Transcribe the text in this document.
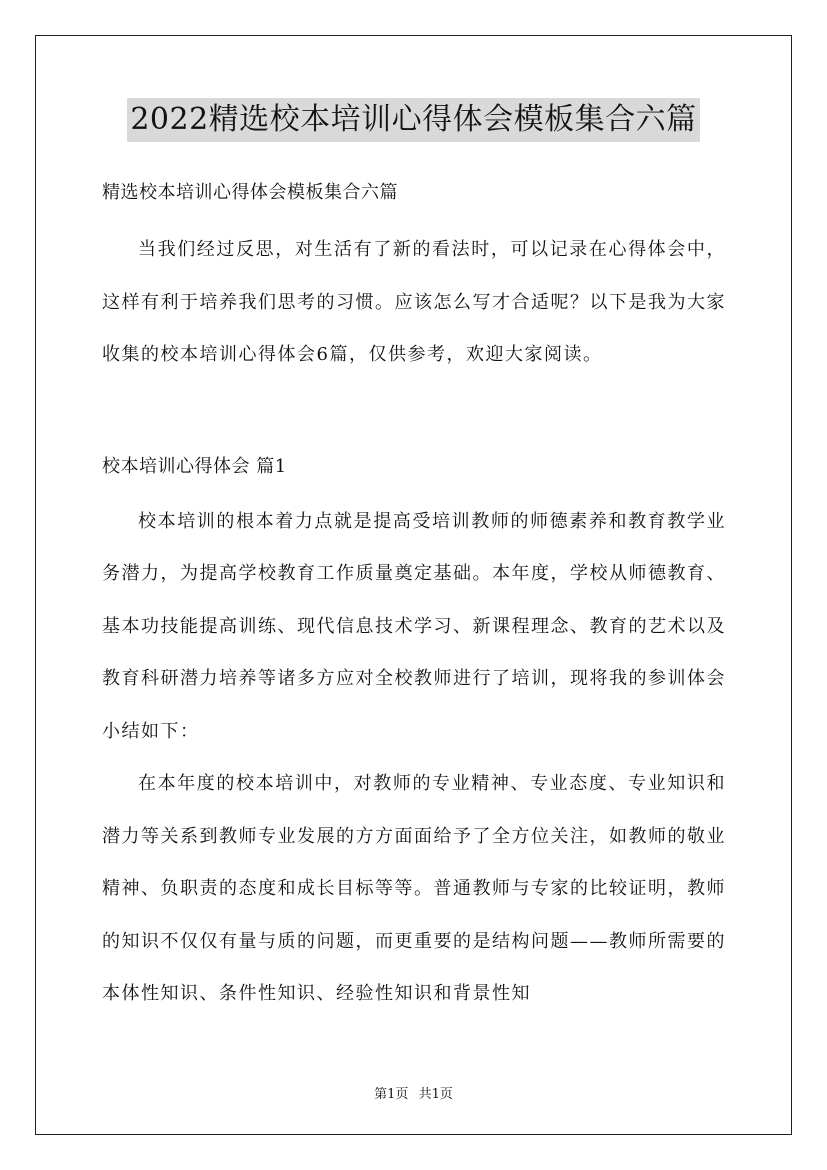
2022精选校本培训心得体会模板集合六篇

精选校本培训心得体会模板集合六篇

当我们经过反思，对生活有了新的看法时，可以记录在心得体会中，这样有利于培养我们思考的习惯。应该怎么写才合适呢？以下是我为大家收集的校本培训心得体会6篇，仅供参考，欢迎大家阅读。

校本培训心得体会 篇1

校本培训的根本着力点就是提高受培训教师的师德素养和教育教学业务潜力，为提高学校教育工作质量奠定基础。本年度，学校从师德教育、基本功技能提高训练、现代信息技术学习、新课程理念、教育的艺术以及教育科研潜力培养等诸多方应对全校教师进行了培训，现将我的参训体会小结如下：

在本年度的校本培训中，对教师的专业精神、专业态度、专业知识和潜力等关系到教师专业发展的方方面面给予了全方位关注，如教师的敬业精神、负职责的态度和成长目标等等。普通教师与专家的比较证明，教师的知识不仅仅有量与质的问题，而更重要的是结构问题——教师所需要的本体性知识、条件性知识、经验性知识和背景性知

第1页 共1页
